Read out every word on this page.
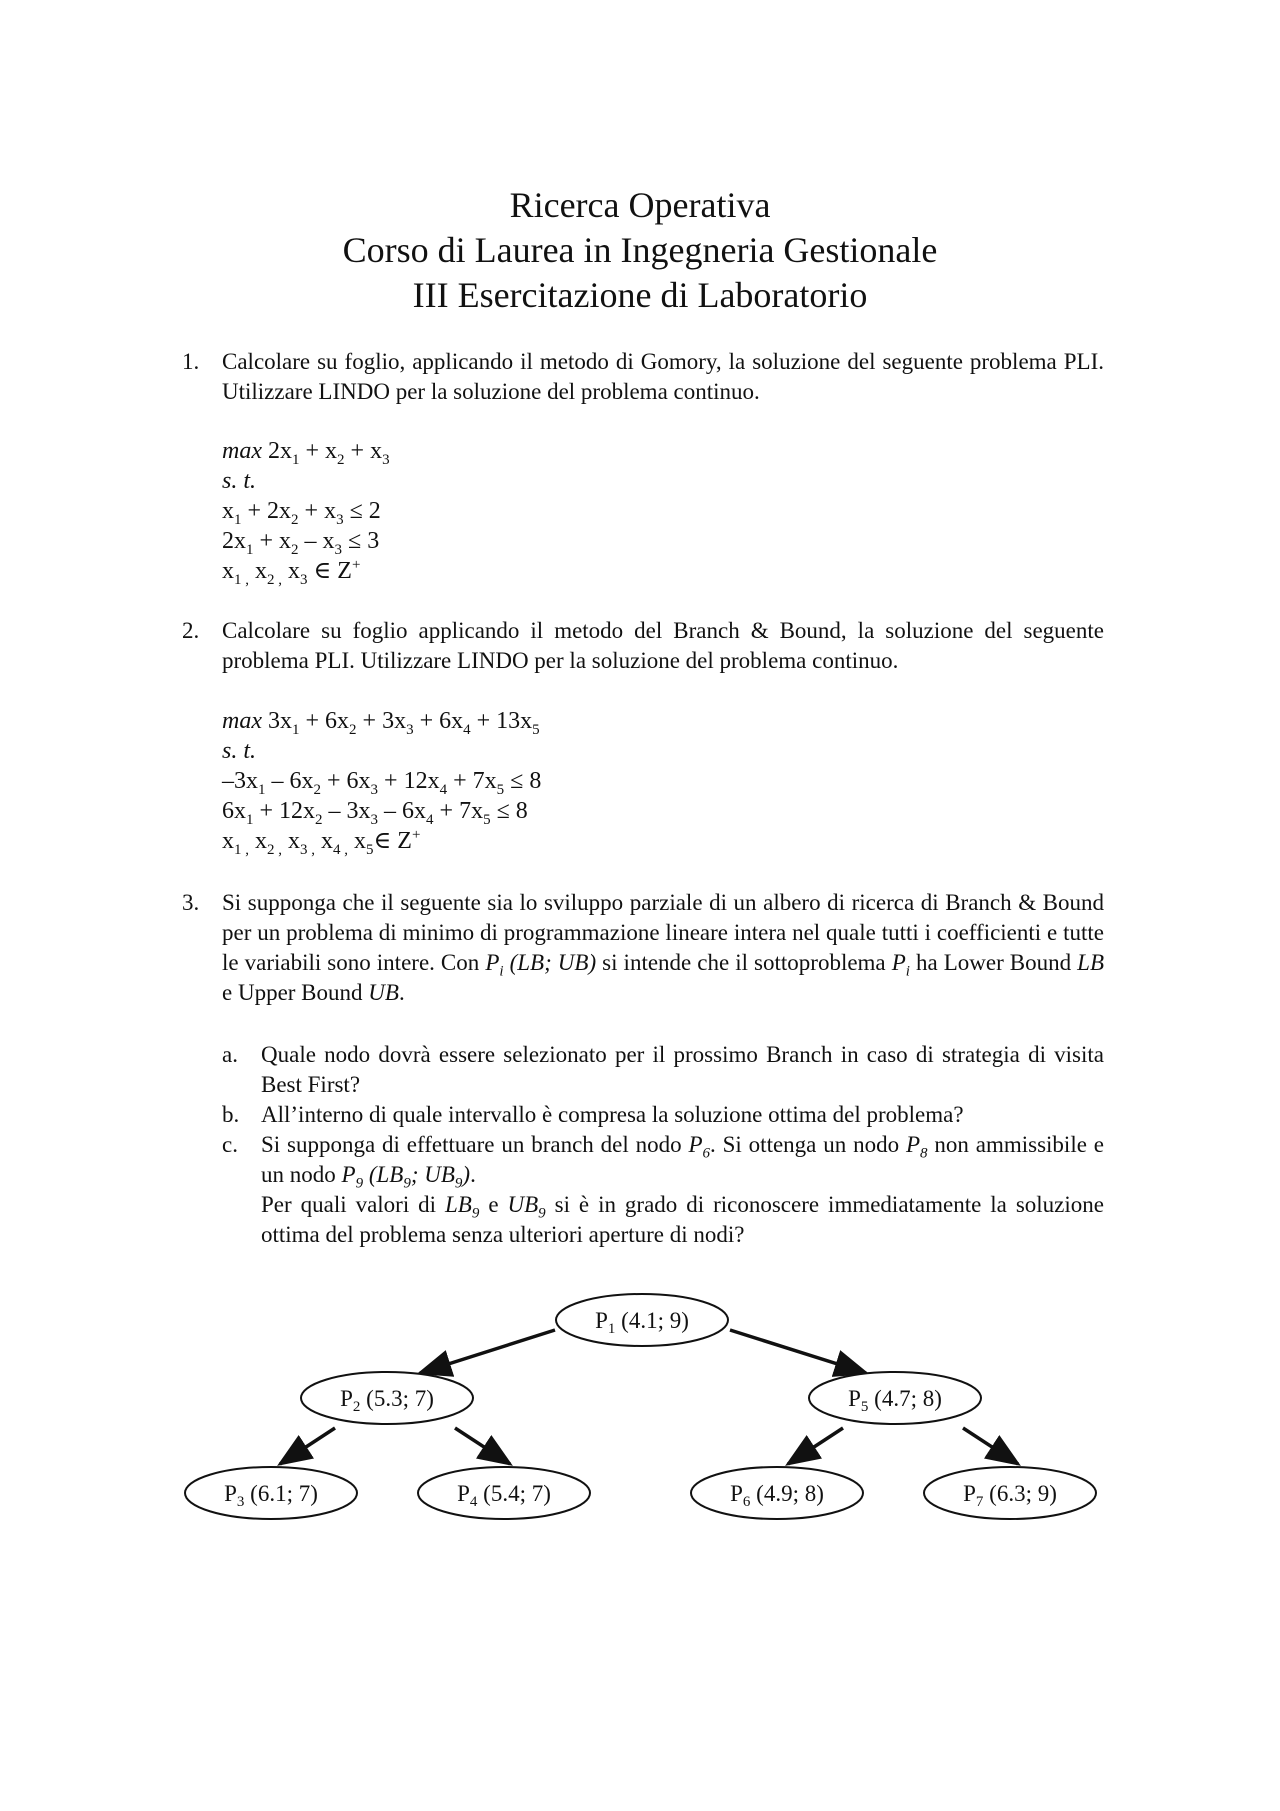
Ricerca Operativa
Corso di Laurea in Ingegneria Gestionale
III Esercitazione di Laboratorio
1. Calcolare su foglio, applicando il metodo di Gomory, la soluzione del seguente problema PLI. Utilizzare LINDO per la soluzione del problema continuo.
$\max 2x_1 + x_2 + x_3$
s. t.
$x_1 + 2x_2 + x_3 \le 2$
$2x_1 + x_2 - x_3 \le 3$
$x_{1 ,}$ $x_{2 ,}$ $x_3$ ∈ Z+
2. Calcolare su foglio applicando il metodo del Branch & Bound, la soluzione del seguente problema PLI. Utilizzare LINDO per la soluzione del problema continuo.
$\max 3x_1 + 6x_2 + 3x_3 + 6x_4 + 13x_5$
s. t.
$-3x_1 - 6x_2 + 6x_3 + 12x_4 + 7x_5 \le 8$
$6x_1 + 12x_2 - 3x_3 - 6x_4 + 7x_5 \le 8$
$x_{1 ,}$ $x_{2 ,}$ $x_{3 ,}$ $x_{4 ,}$ $x_5\in$ Z+
3. Si supponga che il seguente sia lo sviluppo parziale di un albero di ricerca di Branch & Bound per un problema di minimo di programmazione lineare intera nel quale tutti i coefficienti e tutte le variabili sono intere. Con $P_i$ (LB; UB) si intende che il sottoproblema $P_i$ ha Lower Bound LB e Upper Bound UB.
a. Quale nodo dovrà essere selezionato per il prossimo Branch in caso di strategia di visita Best First?
b. All’interno di quale intervallo è compresa la soluzione ottima del problema?
c. Si supponga di effettuare un branch del nodo $P_6$. Si ottenga un nodo $P_8$ non ammissibile e un nodo $P_9$ ($LB_9$; $UB_9$).
Per quali valori di $LB_9$ e $UB_9$ si è in grado di riconoscere immediatamente la soluzione ottima del problema senza ulteriori aperture di nodi?
$P_1$ (4.1; 9)
$P_2$ (5.3; 7)	$P_5$ (4.7; 8)
$P_3$ (6.1; 7)	$P_4$ (5.4; 7)	$P_6$ (4.9; 8)	$P_7$ (6.3; 9)
